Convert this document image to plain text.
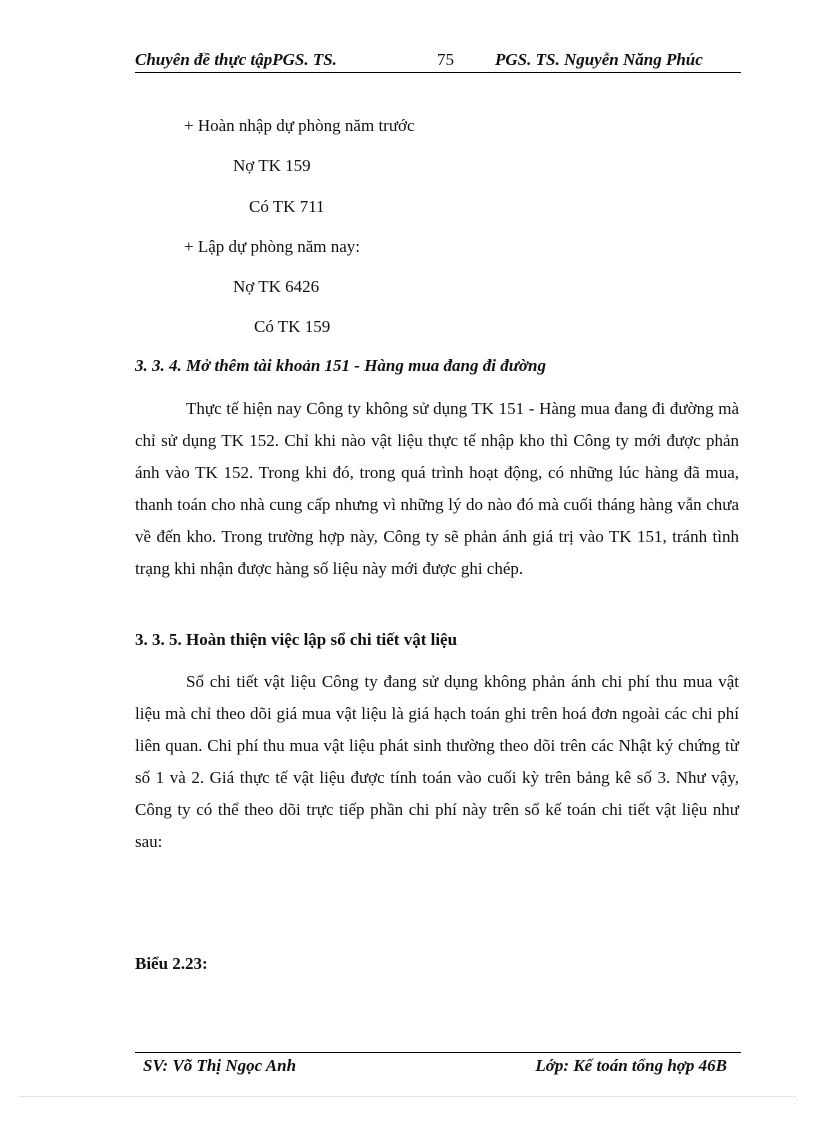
Chuyên đề thực tậpPGS. TS.	75 PGS. TS. Nguyễn Năng Phúc
+ Hoàn nhập dự phòng năm trước
Nợ TK 159
Có TK 711
+ Lập dự phòng năm nay:
Nợ TK 6426
Có TK 159
3. 3. 4. Mở thêm tài khoản 151 - Hàng mua đang đi đường
Thực tế hiện nay Công ty không sử dụng TK 151 - Hàng mua đang đi đường mà chỉ sử dụng TK 152. Chỉ khi nào vật liệu thực tế nhập kho thì Công ty mới được phản ánh vào TK 152. Trong khi đó, trong quá trình hoạt động, có những lúc hàng đã mua, thanh toán cho nhà cung cấp nhưng vì những lý do nào đó mà cuối tháng hàng vẫn chưa về đến kho. Trong trường hợp này, Công ty sẽ phản ánh giá trị vào TK 151, tránh tình trạng khi nhận được hàng số liệu này mới được ghi chép.
3. 3. 5. Hoàn thiện việc lập sổ chi tiết vật liệu
Sổ chi tiết vật liệu Công ty đang sử dụng không phản ánh chi phí thu mua vật liệu mà chỉ theo dõi giá mua vật liệu là giá hạch toán ghi trên hoá đơn ngoài các chi phí liên quan. Chi phí thu mua vật liệu phát sinh thường theo dõi trên các Nhật ký chứng từ số 1 và 2. Giá thực tế vật liệu được tính toán vào cuối kỳ trên bảng kê số 3. Như vậy, Công ty có thể theo dõi trực tiếp phần chi phí này trên sổ kế toán chi tiết vật liệu như sau:
Biểu 2.23:
SV: Võ Thị Ngọc Anh	Lớp: Kế toán tổng hợp 46B
